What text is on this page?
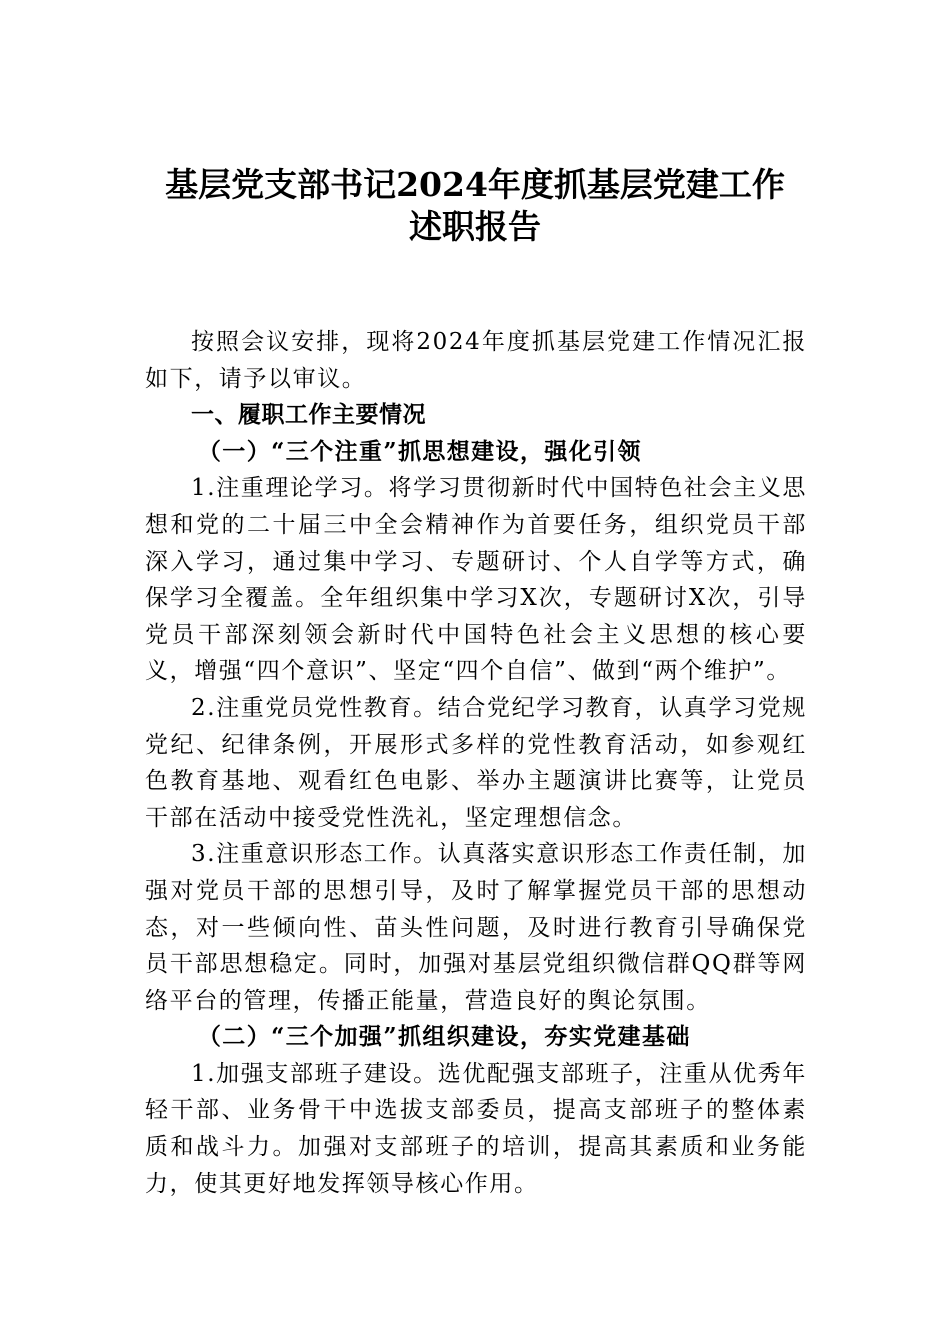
基层党支部书记2024年度抓基层党建工作
述职报告

按照会议安排，现将2024年度抓基层党建工作情况汇报如下，请予以审议。

一、履职工作主要情况

（一）“三个注重”抓思想建设，强化引领

1.注重理论学习。将学习贯彻新时代中国特色社会主义思想和党的二十届三中全会精神作为首要任务，组织党员干部深入学习，通过集中学习、专题研讨、个人自学等方式，确保学习全覆盖。全年组织集中学习X次，专题研讨X次，引导党员干部深刻领会新时代中国特色社会主义思想的核心要义，增强“四个意识”、坚定“四个自信”、做到“两个维护”。

2.注重党员党性教育。结合党纪学习教育，认真学习党规党纪、纪律条例，开展形式多样的党性教育活动，如参观红色教育基地、观看红色电影、举办主题演讲比赛等，让党员干部在活动中接受党性洗礼，坚定理想信念。

3.注重意识形态工作。认真落实意识形态工作责任制，加强对党员干部的思想引导，及时了解掌握党员干部的思想动态，对一些倾向性、苗头性问题，及时进行教育引导确保党员干部思想稳定。同时，加强对基层党组织微信群QQ群等网络平台的管理，传播正能量，营造良好的舆论氛围。

（二）“三个加强”抓组织建设，夯实党建基础

1.加强支部班子建设。选优配强支部班子，注重从优秀年轻干部、业务骨干中选拔支部委员，提高支部班子的整体素质和战斗力。加强对支部班子的培训，提高其素质和业务能力，使其更好地发挥领导核心作用。
